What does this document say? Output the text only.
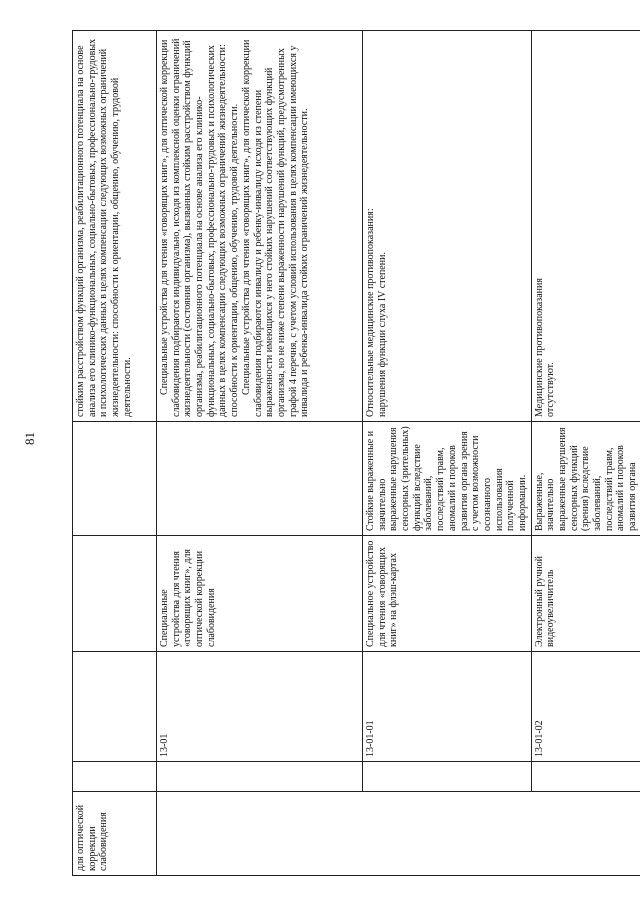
81
для оптической коррекции слабовидения					стойким расстройством функций организма, реабилитационного потенциала на основе анализа его клинико-функциональных, социально-бытовых, профессионально-трудовых и психологических данных в целях компенсации следующих возможных ограничений жизнедеятельности: способности к ориентации, общению, обучению, трудовой деятельности.
		13-01	Специальные устройства для чтения «говорящих книг», для оптической коррекции слабовидения		Специальные устройства для чтения «говорящих книг», для оптической коррекции слабовидения подбираются индивидуально, исходя из комплексной оценки ограничений жизнедеятельности (состояния организма), вызванных стойким расстройством функций организма, реабилитационного потенциала на основе анализа его клинико-функциональных, социально-бытовых, профессионально-трудовых и психологических данных в целях компенсации следующих возможных ограничений жизнедеятельности: способности к ориентации, общению, обучению, трудовой деятельности. Специальные устройства для чтения «говорящих книг», для оптической коррекции слабовидения подбираются инвалиду и ребенку-инвалиду исходя из степени выраженности имеющихся у него стойких нарушений соответствующих функций организма, но не ниже степени выраженности нарушений функций, предусмотренных графой 4 перечня, с учетом условий использования в целях компенсации имеющихся у инвалида и ребенка-инвалида стойких ограничений жизнедеятельности.

		13-01-01	Специальное устройство для чтения «говорящих книг» на флэш-картах	Стойкие выраженные и значительно выраженные нарушения сенсорных (зрительных) функций вследствие заболеваний, последствий травм, аномалий и пороков развития органа зрения с учетом возможности осознанного использования полученной информации.	Относительные медицинские противопоказания: нарушения функции слуха IV степени.

		13-01-02	Электронный ручной видеоувеличитель	Выраженные, значительно выраженные нарушения сенсорных функций (зрения) вследствие заболеваний, последствий травм, аномалий и пороков развития органа	Медицинские противопоказания отсутствуют.
